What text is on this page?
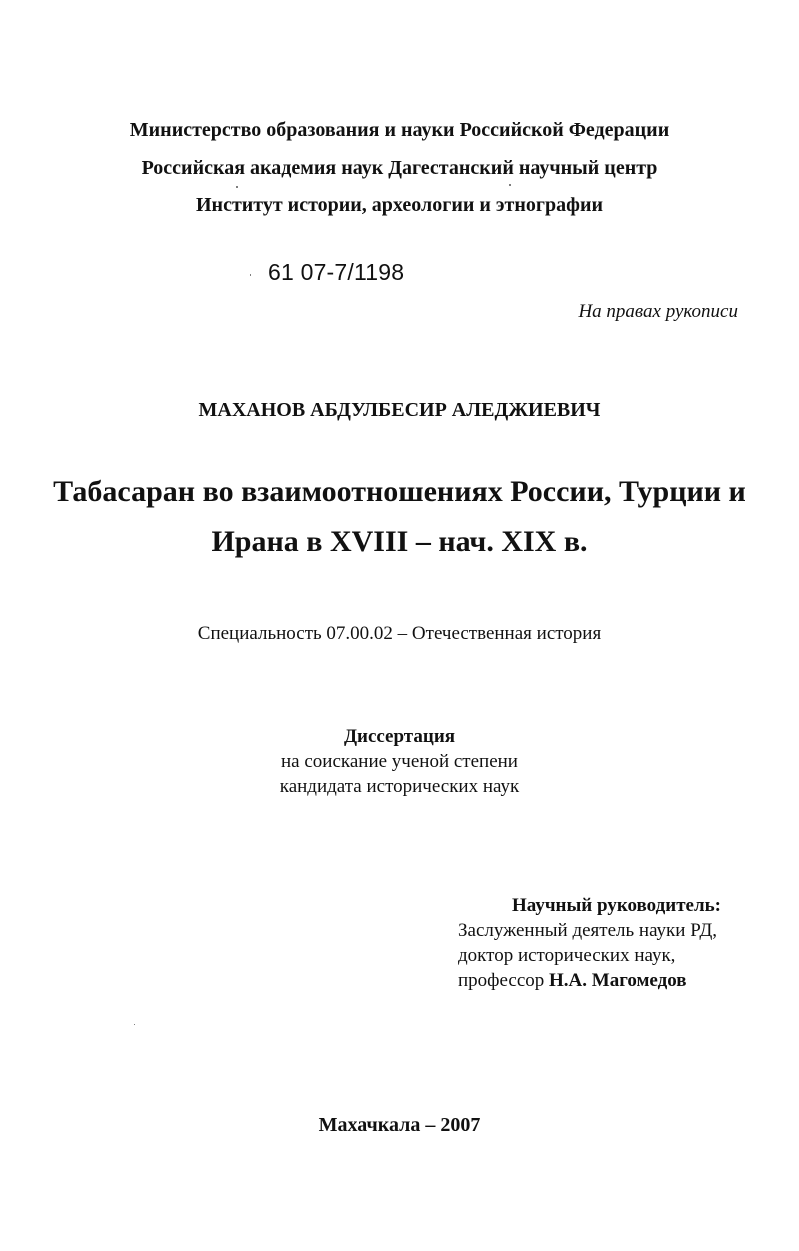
Министерство образования и науки Российской Федерации
Российская академия наук Дагестанский научный центр
Институт истории, археологии и этнографии
61 07-7/1198
На правах рукописи
МАХАНОВ АБДУЛБЕСИР АЛЕДЖИЕВИЧ
Табасаран во взаимоотношениях России, Турции и
Ирана в XVIII – нач. XIX в.
Специальность 07.00.02 – Отечественная история
Диссертация
на соискание ученой степени
кандидата исторических наук
Научный руководитель:
Заслуженный деятель науки РД,
доктор исторических наук,
профессор Н.А. Магомедов
Махачкала – 2007
